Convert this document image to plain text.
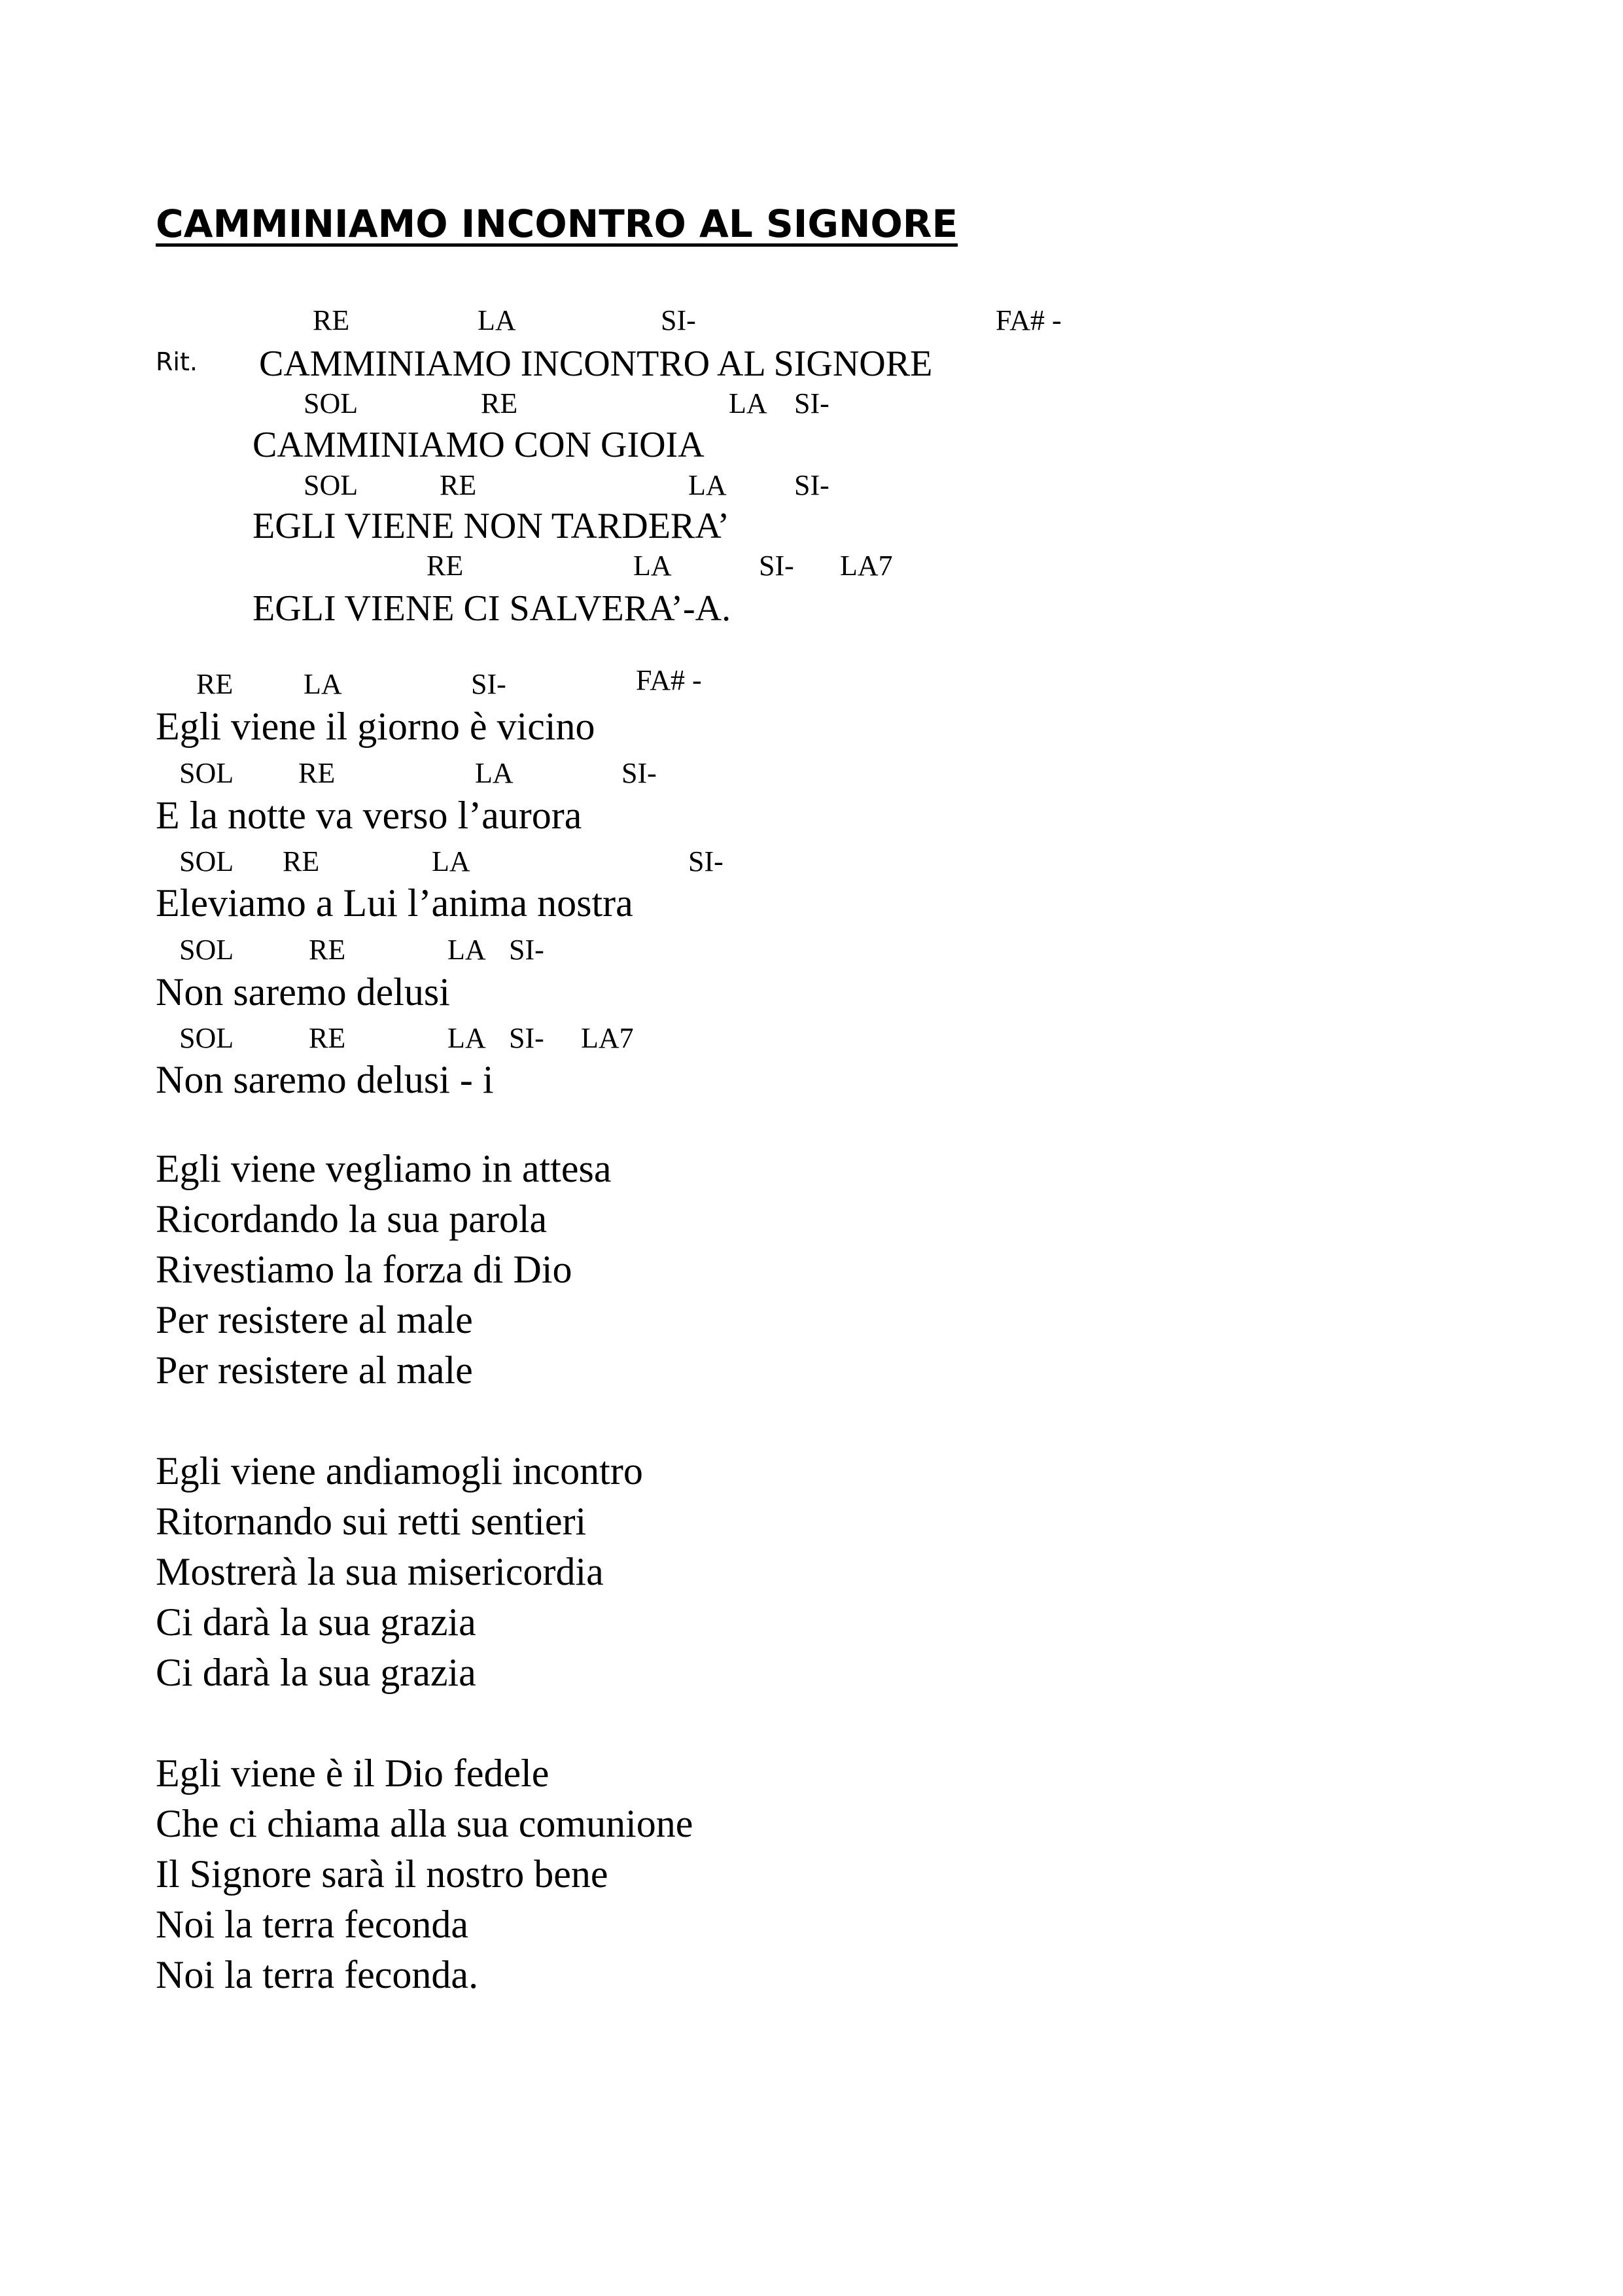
CAMMINIAMO INCONTRO AL SIGNORE
Rit.
RE	LA	SI-	FA# -
CAMMINIAMO INCONTRO AL SIGNORE
SOL	RE	LA SI-
CAMMINIAMO CON GIOIA
SOL	RE	LA SI-
EGLI VIENE NON TARDERA’
RE	LA	SI- LA7
EGLI VIENE CI SALVERA’-A.
RE LA	SI-	FA# -
Egli viene il giorno è vicino
SOL RE	LA	SI-
E la notte va verso l’aurora
SOL RE	LA	SI-
Eleviamo a Lui l’anima nostra
SOL	RE	LA SI-
Non saremo delusi
SOL	RE	LA SI- LA7
Non saremo delusi - i
Egli viene vegliamo in attesa
Ricordando la sua parola
Rivestiamo la forza di Dio
Per resistere al male
Per resistere al male
Egli viene andiamogli incontro
Ritornando sui retti sentieri
Mostrerà la sua misericordia
Ci darà la sua grazia
Ci darà la sua grazia
Egli viene è il Dio fedele
Che ci chiama alla sua comunione
Il Signore sarà il nostro bene
Noi la terra feconda
Noi la terra feconda.
